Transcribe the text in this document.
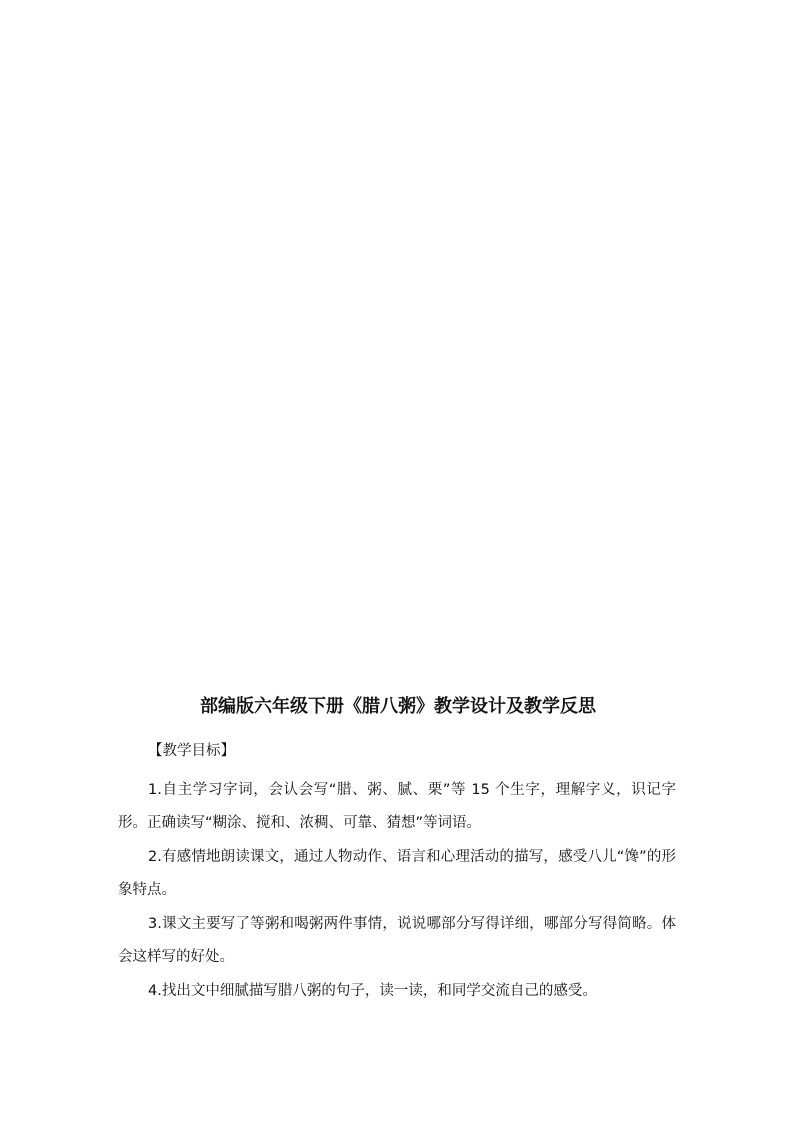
部编版六年级下册《腊八粥》教学设计及教学反思
【教学目标】

1.自主学习字词，会认会写“腊、粥、腻、栗”等 15 个生字，理解字义，识记字形。正确读写“糊涂、搅和、浓稠、可靠、猜想”等词语。

2.有感情地朗读课文，通过人物动作、语言和心理活动的描写，感受八儿“馋”的形象特点。

3.课文主要写了等粥和喝粥两件事情，说说哪部分写得详细，哪部分写得简略。体会这样写的好处。

4.找出文中细腻描写腊八粥的句子，读一读，和同学交流自己的感受。
